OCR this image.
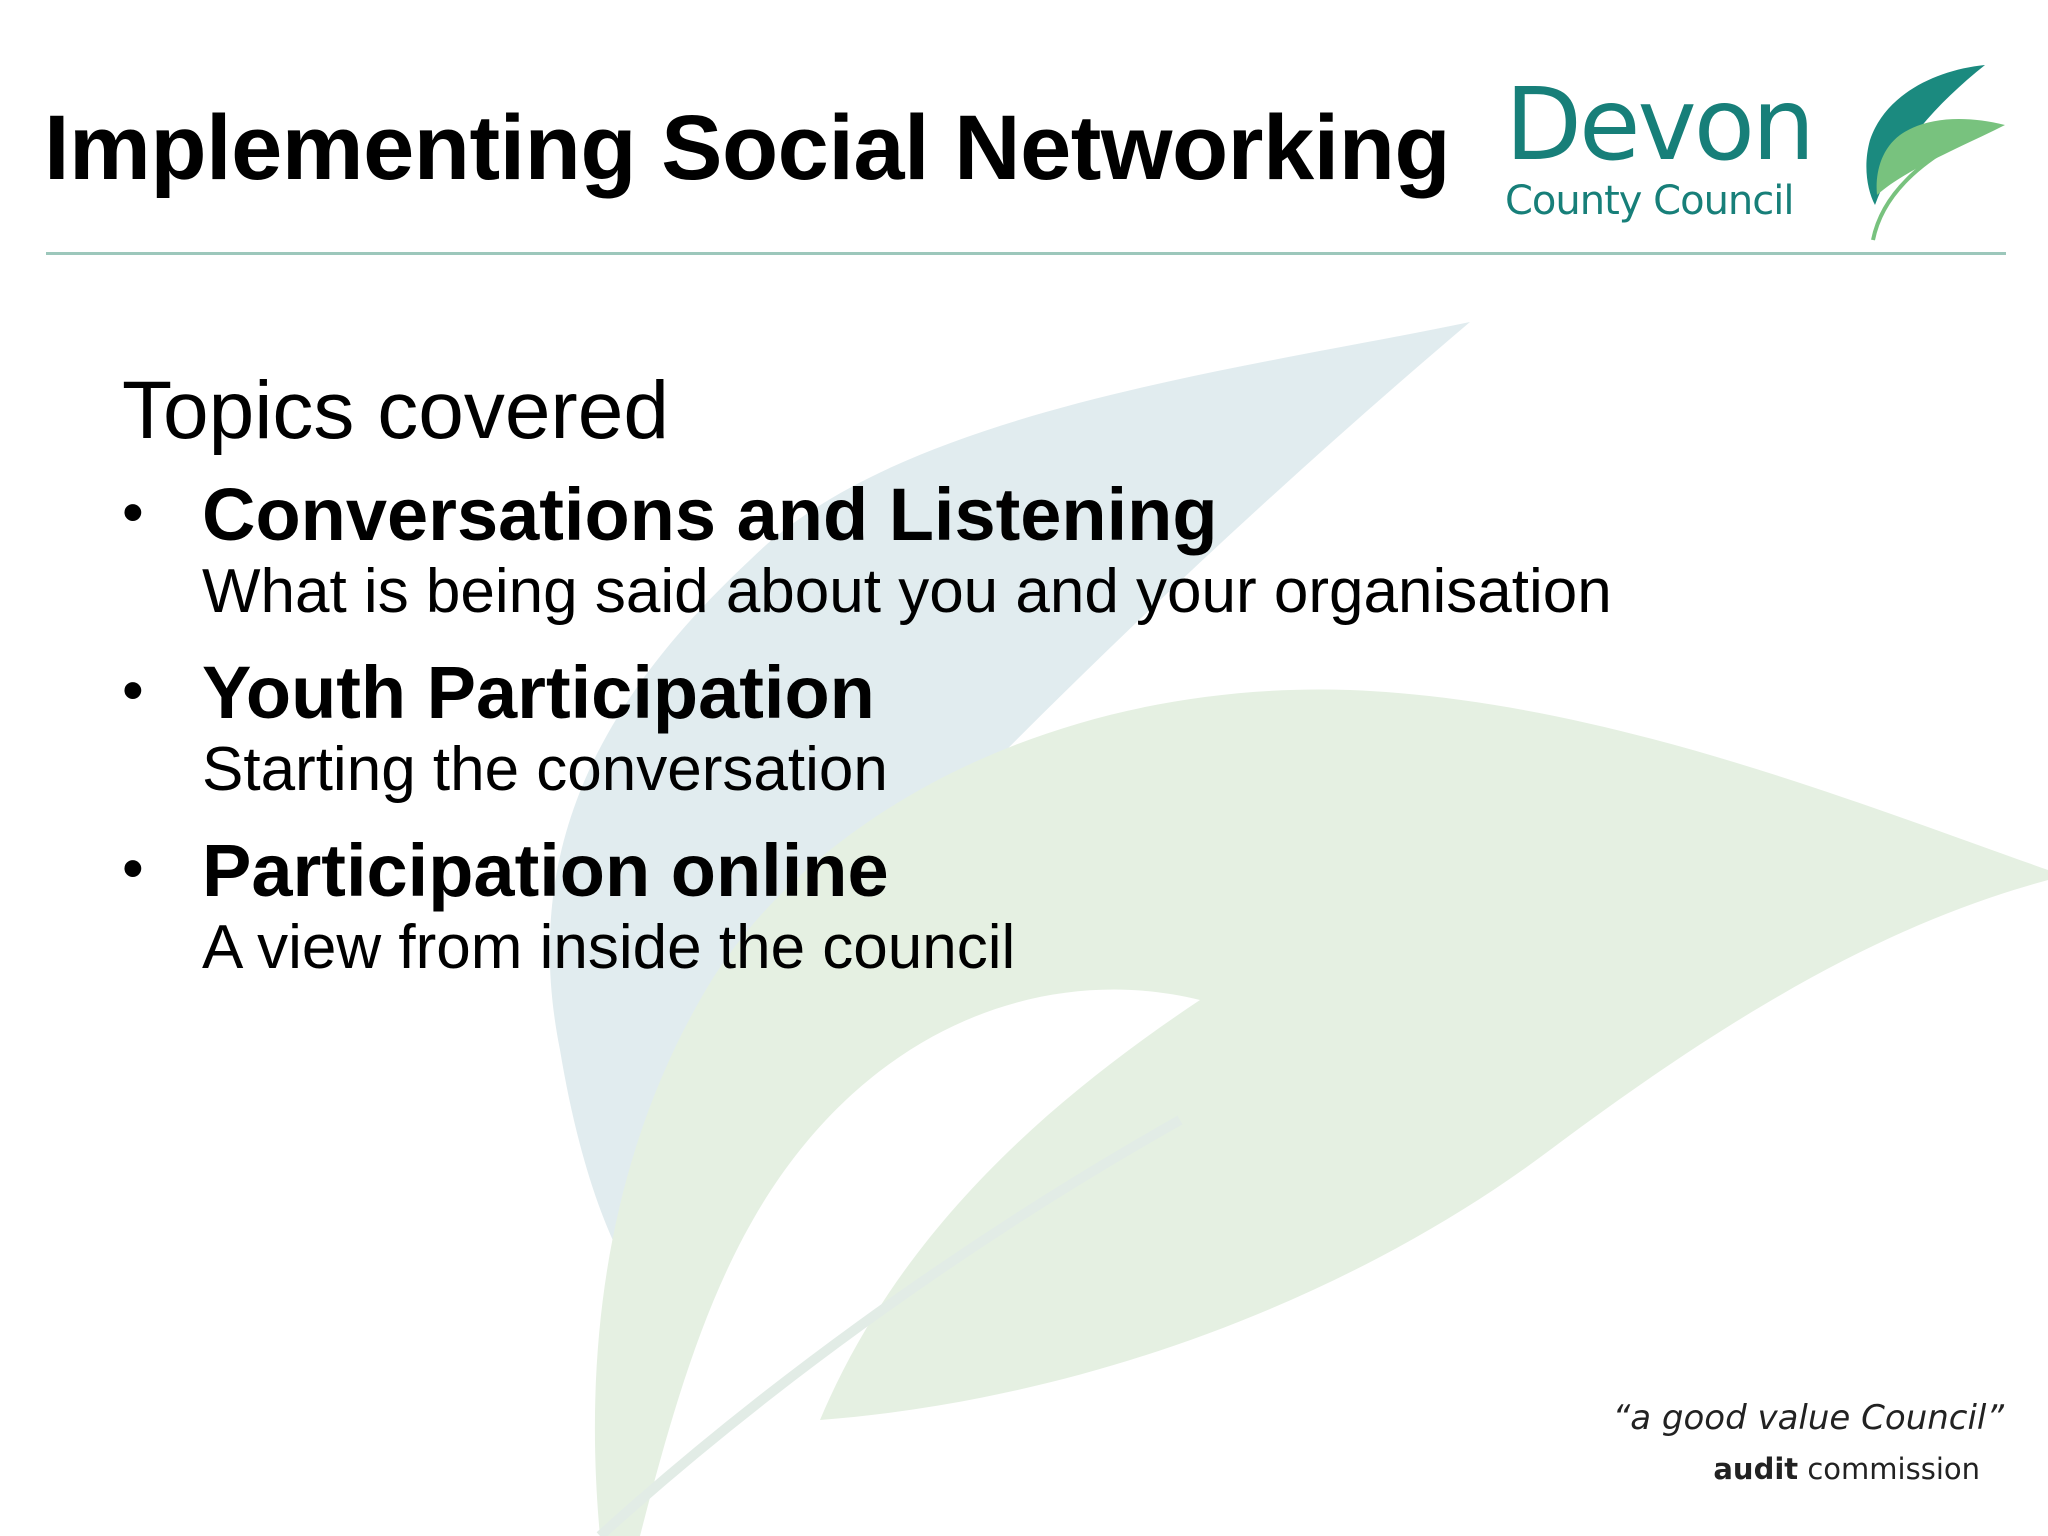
Implementing Social Networking Devon
County Council

Topics covered

• Conversations and Listening
What is being said about you and your organisation
• Youth Participation
Starting the conversation
• Participation online
A view from inside the council
“a good value Council”
audit commission
